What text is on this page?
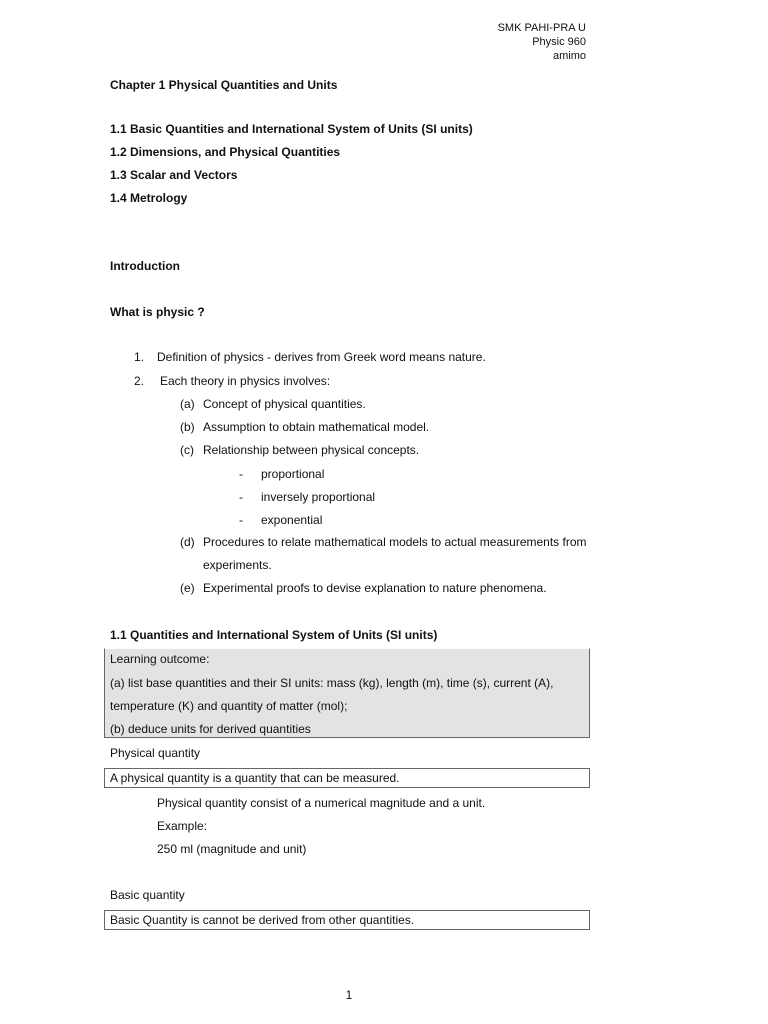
SMK PAHI-PRA U
Physic 960
amimo
Chapter 1 Physical Quantities and Units
1.1 Basic Quantities and International System of Units (SI units)
1.2 Dimensions, and Physical Quantities
1.3 Scalar and Vectors
1.4 Metrology
Introduction
What is physic ?
1. Definition of physics - derives from Greek word means nature.
2. Each theory in physics involves:
(a) Concept of physical quantities.
(b) Assumption to obtain mathematical model.
(c) Relationship between physical concepts.
- proportional
- inversely proportional
- exponential
(d) Procedures to relate mathematical models to actual measurements from
experiments.
(e) Experimental proofs to devise explanation to nature phenomena.
1.1 Quantities and International System of Units (SI units)
Learning outcome:
(a) list base quantities and their SI units: mass (kg), length (m), time (s), current (A),
temperature (K) and quantity of matter (mol);
(b) deduce units for derived quantities
Physical quantity
A physical quantity is a quantity that can be measured.
Physical quantity consist of a numerical magnitude and a unit.
Example:
250 ml (magnitude and unit)
Basic quantity
Basic Quantity is cannot be derived from other quantities.
1
